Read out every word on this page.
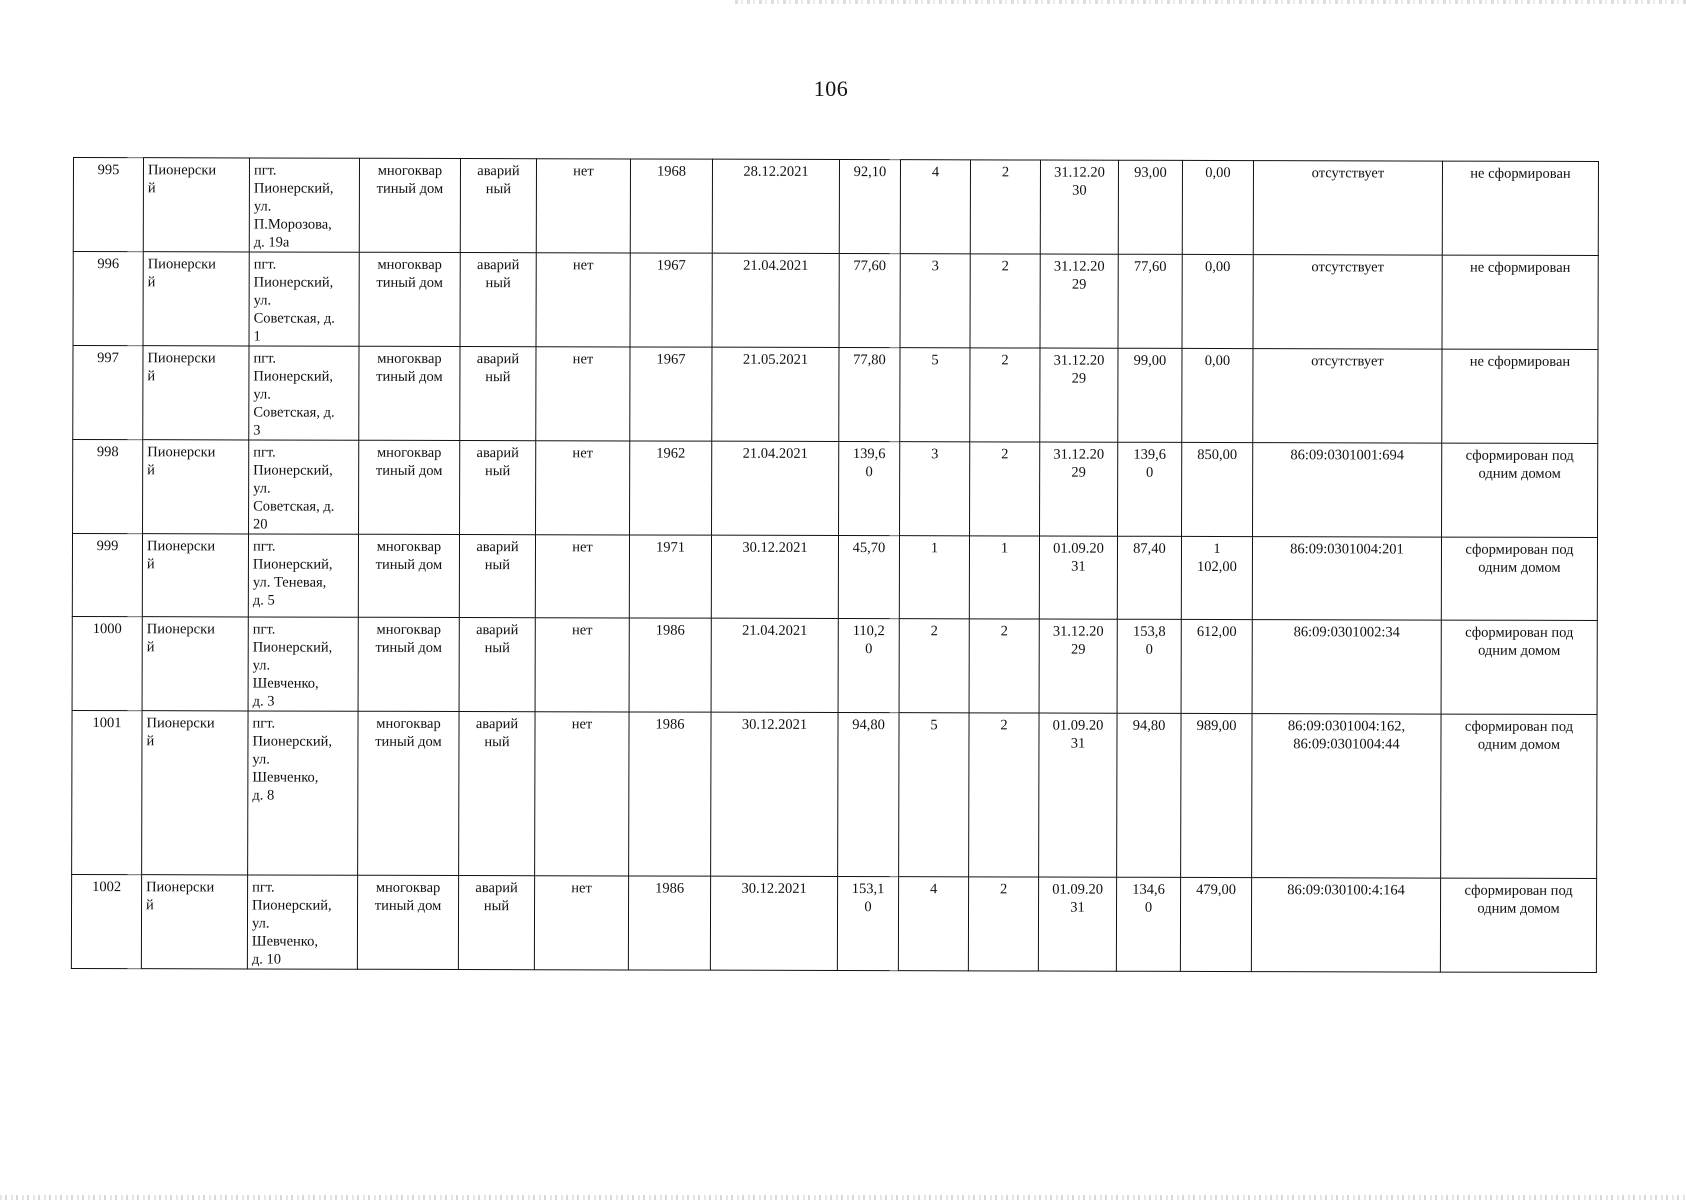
106
995	Пионерски
й	пгт.
Пионерский,
ул.
П.Морозова,
д. 19а	многоквар
тиный дом	аварий
ный	нет	1968	28.12.2021	92,10	4	2	31.12.20
30	93,00	0,00	отсутствует	не сформирован
996	Пионерски
й	пгт.
Пионерский,
ул.
Советская, д.
1	многоквар
тиный дом	аварий
ный	нет	1967	21.04.2021	77,60	3	2	31.12.20
29	77,60	0,00	отсутствует	не сформирован
997	Пионерски
й	пгт.
Пионерский,
ул.
Советская, д.
3	многоквар
тиный дом	аварий
ный	нет	1967	21.05.2021	77,80	5	2	31.12.20
29	99,00	0,00	отсутствует	не сформирован
998	Пионерски
й	пгт.
Пионерский,
ул.
Советская, д.
20	многоквар
тиный дом	аварий
ный	нет	1962	21.04.2021	139,6
0	3	2	31.12.20
29	139,6
0	850,00	86:09:0301001:694	сформирован под
одним домом
999	Пионерски
й	пгт.
Пионерский,
ул. Теневая,
д. 5	многоквар
тиный дом	аварий
ный	нет	1971	30.12.2021	45,70	1	1	01.09.20
31	87,40	1
102,00	86:09:0301004:201	сформирован под
одним домом
1000	Пионерски
й	пгт.
Пионерский,
ул.
Шевченко,
д. 3	многоквар
тиный дом	аварий
ный	нет	1986	21.04.2021	110,2
0	2	2	31.12.20
29	153,8
0	612,00	86:09:0301002:34	сформирован под
одним домом
1001	Пионерски
й	пгт.
Пионерский,
ул.
Шевченко,
д. 8	многоквар
тиный дом	аварий
ный	нет	1986	30.12.2021	94,80	5	2	01.09.20
31	94,80	989,00	86:09:0301004:162,
86:09:0301004:44	сформирован под
одним домом
1002	Пионерски
й	пгт.
Пионерский,
ул.
Шевченко,
д. 10	многоквар
тиный дом	аварий
ный	нет	1986	30.12.2021	153,1
0	4	2	01.09.20
31	134,6
0	479,00	86:09:030100:4:164	сформирован под
одним домом
